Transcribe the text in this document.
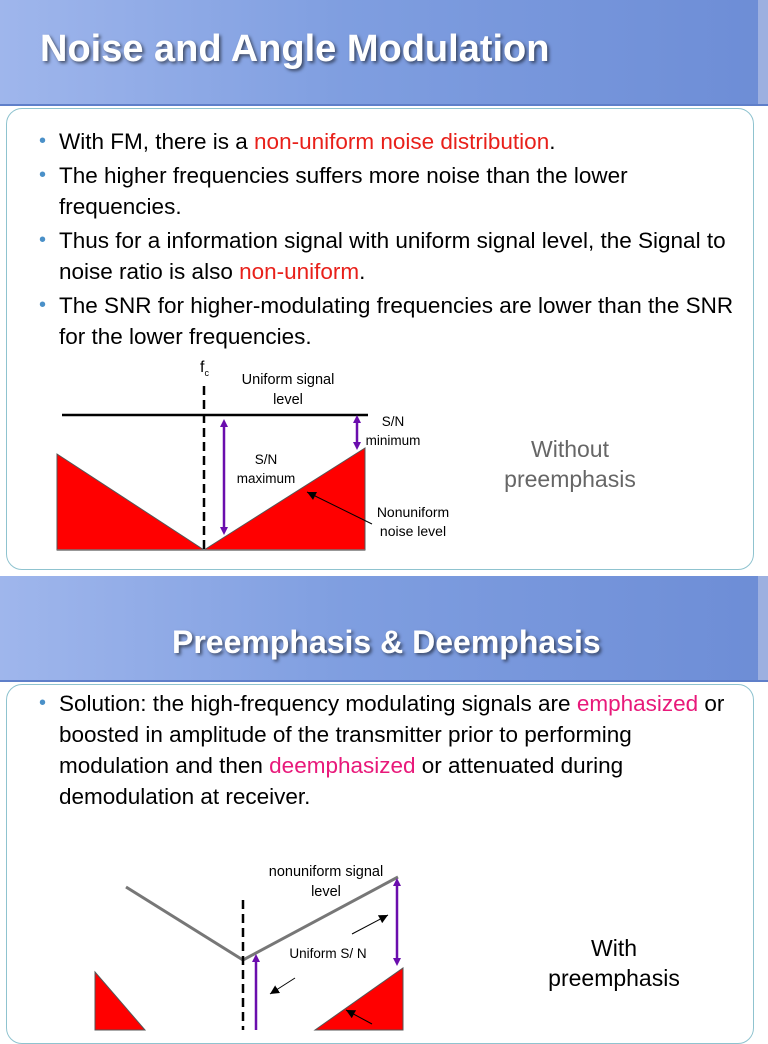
Noise and Angle Modulation
• With FM, there is a non-uniform noise distribution.
• The higher frequencies suffers more noise than the lower frequencies.
• Thus for a information signal with uniform signal level, the Signal to noise ratio is also non-uniform.
• The SNR for higher-modulating frequencies are lower than the SNR for the lower frequencies.
$f_c$	Uniform signal level
S/N minimum
S/N maximum
Nonuniform noise level
Without preemphasis
Preemphasis & Deemphasis
• Solution: the high-frequency modulating signals are emphasized or boosted in amplitude of the transmitter prior to performing modulation and then deemphasized or attenuated during demodulation at receiver.
nonuniform signal level
Uniform S/ N	With preemphasis
